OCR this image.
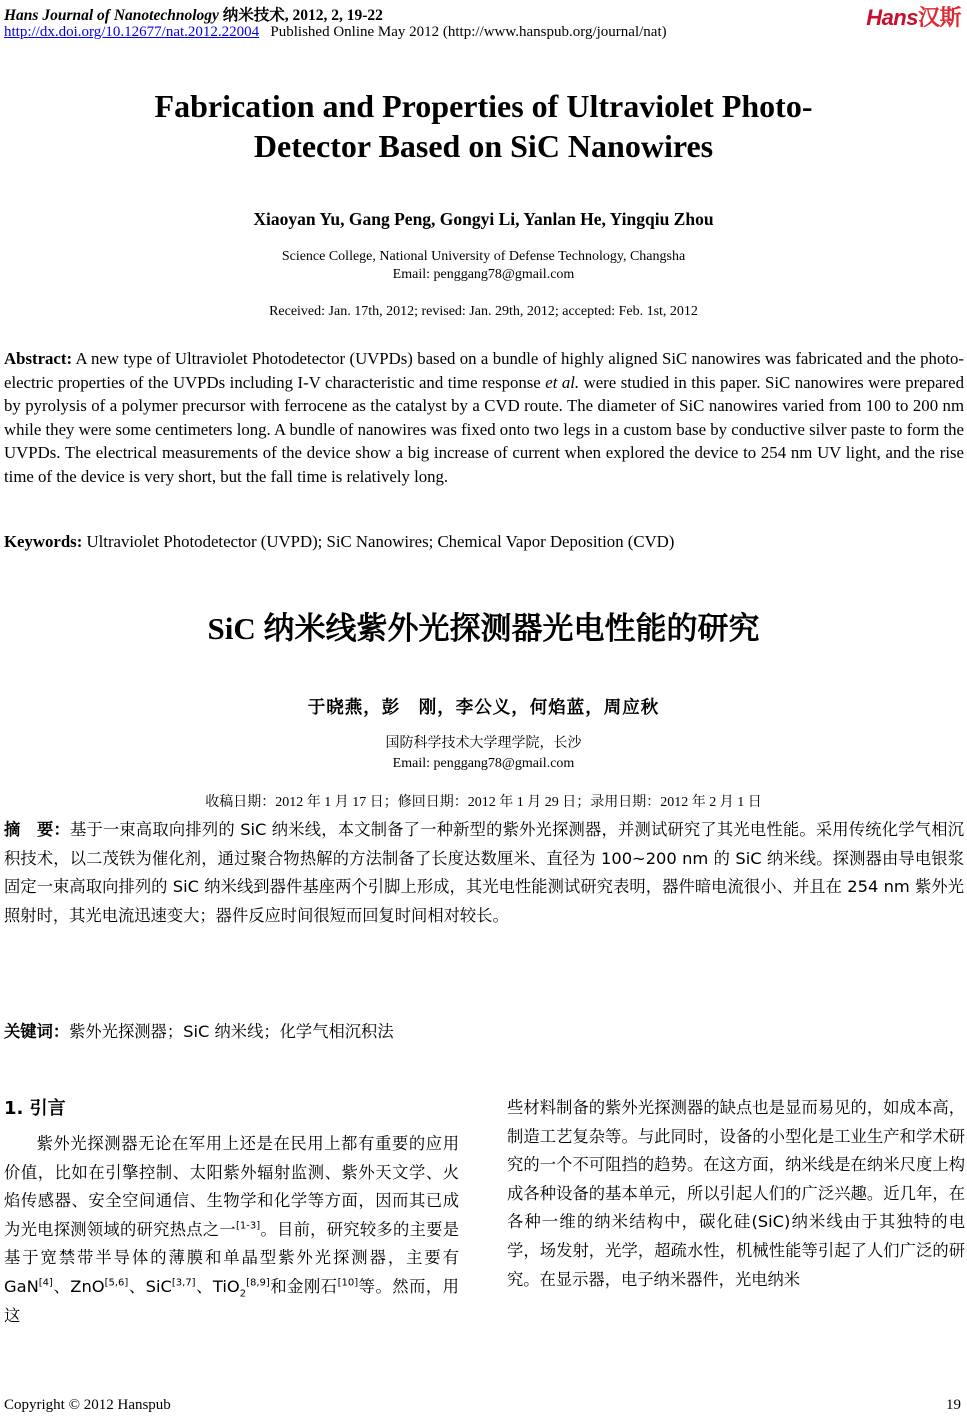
Hans Journal of Nanotechnology 纳米技术, 2012, 2, 19-22
http://dx.doi.org/10.12677/nat.2012.22004 Published Online May 2012 (http://www.hanspub.org/journal/nat)
Hans汉斯
Fabrication and Properties of Ultraviolet Photo-Detector Based on SiC Nanowires
Xiaoyan Yu, Gang Peng, Gongyi Li, Yanlan He, Yingqiu Zhou
Science College, National University of Defense Technology, Changsha
Email: penggang78@gmail.com
Received: Jan. 17th, 2012; revised: Jan. 29th, 2012; accepted: Feb. 1st, 2012
Abstract: A new type of Ultraviolet Photodetector (UVPDs) based on a bundle of highly aligned SiC nanowires was fabricated and the photo-electric properties of the UVPDs including I-V characteristic and time response et al. were studied in this paper. SiC nanowires were prepared by pyrolysis of a polymer precursor with ferrocene as the catalyst by a CVD route. The diameter of SiC nanowires varied from 100 to 200 nm while they were some centimeters long. A bundle of nanowires was fixed onto two legs in a custom base by conductive silver paste to form the UVPDs. The electrical measurements of the device show a big increase of current when explored the device to 254 nm UV light, and the rise time of the device is very short, but the fall time is relatively long.
Keywords: Ultraviolet Photodetector (UVPD); SiC Nanowires; Chemical Vapor Deposition (CVD)
SiC 纳米线紫外光探测器光电性能的研究
于晓燕，彭　刚，李公义，何焰蓝，周应秋
国防科学技术大学理学院，长沙
Email: penggang78@gmail.com
收稿日期：2012 年 1 月 17 日；修回日期：2012 年 1 月 29 日；录用日期：2012 年 2 月 1 日
摘　要：基于一束高取向排列的 SiC 纳米线，本文制备了一种新型的紫外光探测器，并测试研究了其光电性能。采用传统化学气相沉积技术，以二茂铁为催化剂，通过聚合物热解的方法制备了长度达数厘米、直径为 100~200 nm 的 SiC 纳米线。探测器由导电银浆固定一束高取向排列的 SiC 纳米线到器件基座两个引脚上形成，其光电性能测试研究表明，器件暗电流很小、并且在 254 nm 紫外光照射时，其光电流迅速变大；器件反应时间很短而回复时间相对较长。
关键词：紫外光探测器；SiC 纳米线；化学气相沉积法
1. 引言
紫外光探测器无论在军用上还是在民用上都有重要的应用价值，比如在引擎控制、太阳紫外辐射监测、紫外天文学、火焰传感器、安全空间通信、生物学和化学等方面，因而其已成为光电探测领域的研究热点之一[1-3]。目前，研究较多的主要是基于宽禁带半导体的薄膜和单晶型紫外光探测器，主要有 GaN[4]、ZnO[5,6]、SiC[3,7]、TiO$_2$[8,9]和金刚石[10]等。然而，用这
些材料制备的紫外光探测器的缺点也是显而易见的，如成本高，制造工艺复杂等。与此同时，设备的小型化是工业生产和学术研究的一个不可阻挡的趋势。在这方面，纳米线是在纳米尺度上构成各种设备的基本单元，所以引起人们的广泛兴趣。近几年，在各种一维的纳米结构中，碳化硅(SiC)纳米线由于其独特的电学，场发射，光学，超疏水性，机械性能等引起了人们广泛的研究。在显示器，电子纳米器件，光电纳米
Copyright © 2012 Hanspub	19
